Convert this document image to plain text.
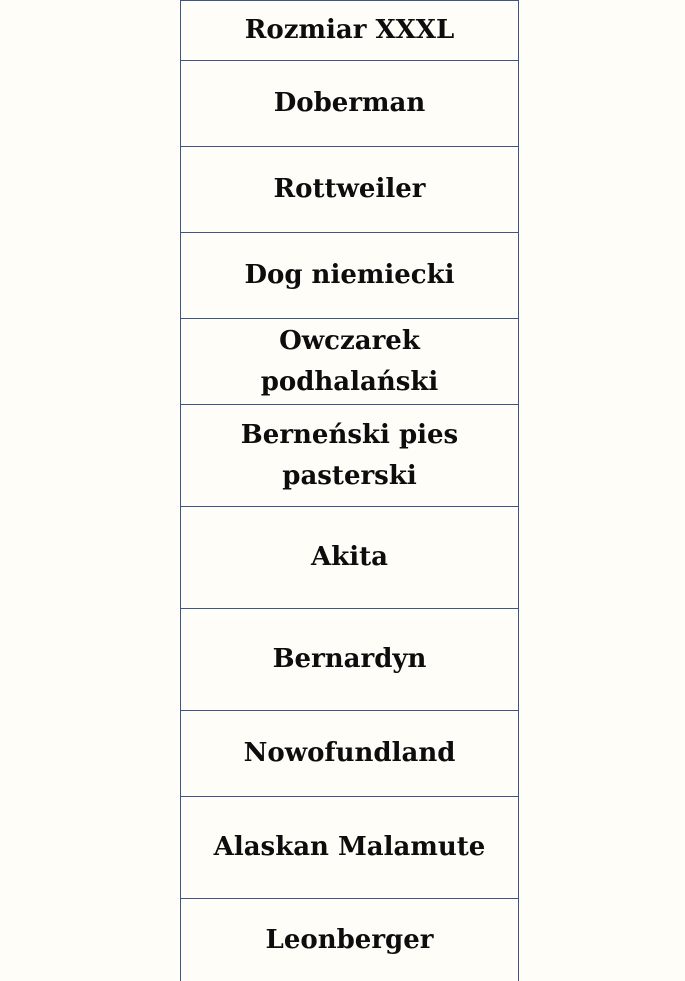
Rozmiar XXXL
Doberman
Rottweiler
Dog niemiecki
Owczarek podhalański
Berneński pies pasterski
Akita
Bernardyn
Nowofundland
Alaskan Malamute
Leonberger
